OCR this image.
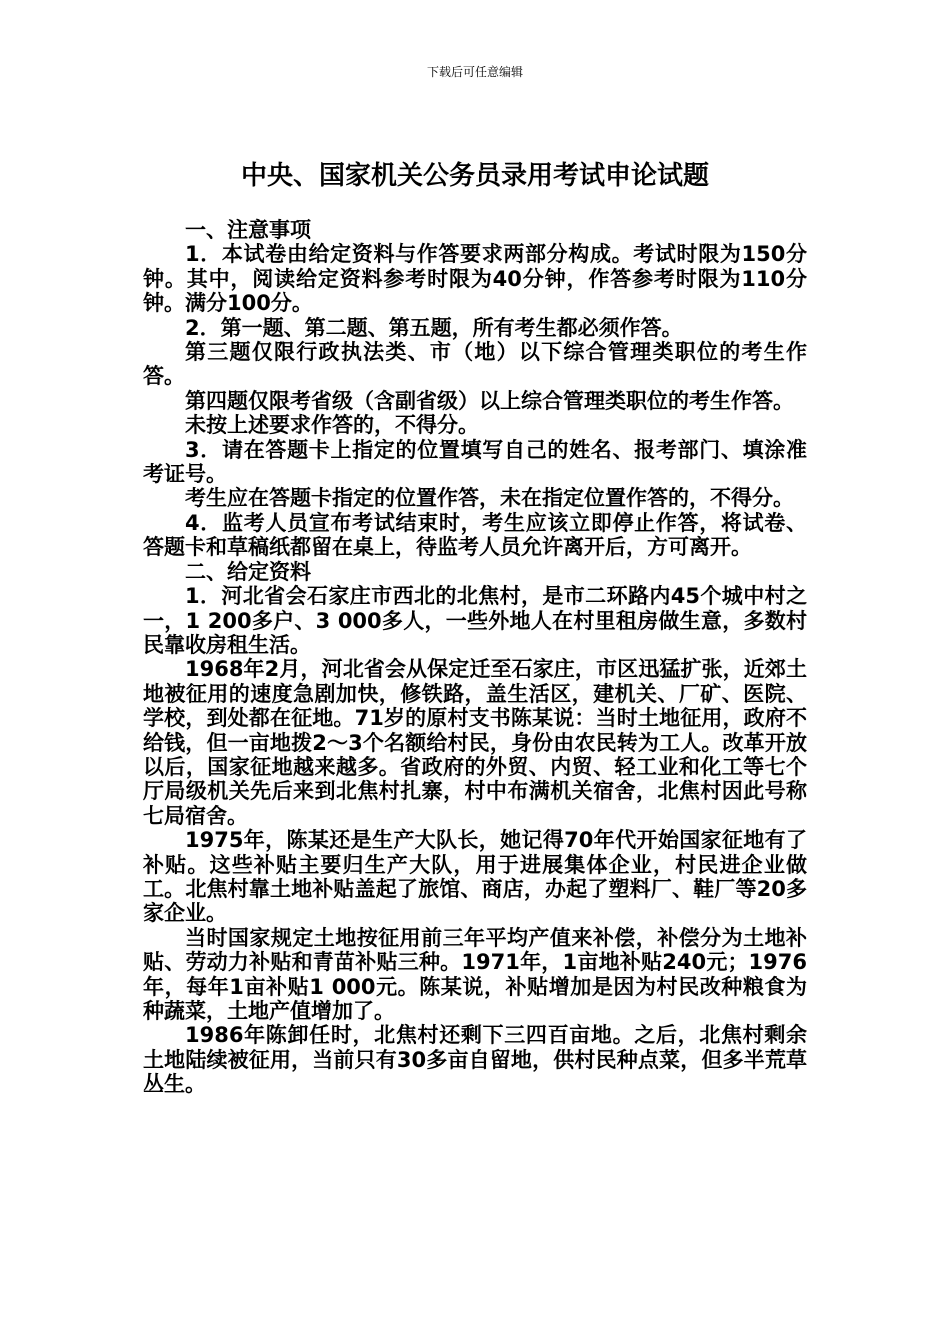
下载后可任意编辑
中央、国家机关公务员录用考试申论试题

一、注意事项

1．本试卷由给定资料与作答要求两部分构成。考试时限为150分钟。其中，阅读给定资料参考时限为40分钟，作答参考时限为110分钟。满分100分。

2．第一题、第二题、第五题，所有考生都必须作答。

第三题仅限行政执法类、市（地）以下综合管理类职位的考生作答。

第四题仅限考省级（含副省级）以上综合管理类职位的考生作答。

未按上述要求作答的，不得分。

3．请在答题卡上指定的位置填写自己的姓名、报考部门、填涂准考证号。

考生应在答题卡指定的位置作答，未在指定位置作答的，不得分。

4．监考人员宣布考试结束时，考生应该立即停止作答，将试卷、答题卡和草稿纸都留在桌上，待监考人员允许离开后，方可离开。

二、给定资料

1．河北省会石家庄市西北的北焦村，是市二环路内45个城中村之一，1 200多户、3 000多人，一些外地人在村里租房做生意，多数村民靠收房租生活。

1968年2月，河北省会从保定迁至石家庄，市区迅猛扩张，近郊土地被征用的速度急剧加快，修铁路，盖生活区，建机关、厂矿、医院、学校，到处都在征地。71岁的原村支书陈某说：当时土地征用，政府不给钱，但一亩地拨2～3个名额给村民，身份由农民转为工人。改革开放以后，国家征地越来越多。省政府的外贸、内贸、轻工业和化工等七个厅局级机关先后来到北焦村扎寨，村中布满机关宿舍，北焦村因此号称七局宿舍。

1975年，陈某还是生产大队长，她记得70年代开始国家征地有了补贴。这些补贴主要归生产大队，用于进展集体企业，村民进企业做工。北焦村靠土地补贴盖起了旅馆、商店，办起了塑料厂、鞋厂等20多家企业。

当时国家规定土地按征用前三年平均产值来补偿，补偿分为土地补贴、劳动力补贴和青苗补贴三种。1971年，1亩地补贴240元；1976年，每年1亩补贴1 000元。陈某说，补贴增加是因为村民改种粮食为种蔬菜，土地产值增加了。

1986年陈卸任时，北焦村还剩下三四百亩地。之后，北焦村剩余土地陆续被征用，当前只有30多亩自留地，供村民种点菜，但多半荒草丛生。
